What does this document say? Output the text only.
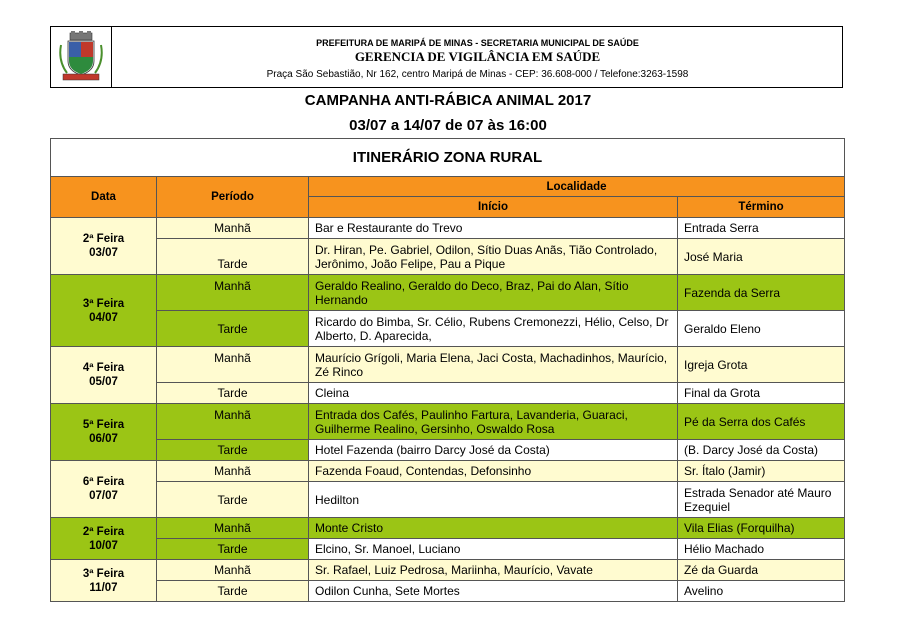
PREFEITURA DE MARIPÁ DE MINAS - SECRETARIA MUNICIPAL DE SAÚDE
GERENCIA DE VIGILÂNCIA EM SAÚDE
Praça São Sebastião, Nr 162, centro Maripá de Minas - CEP: 36.608-000 / Telefone:3263-1598
CAMPANHA ANTI-RÁBICA ANIMAL 2017
03/07 a 14/07 de 07 às 16:00
ITINERÁRIO ZONA RURAL			
Data	Período	Localidade	
		Início	Término
2ª Feira
03/07	Manhã	Bar e Restaurante do Trevo	Entrada Serra
	Tarde	Dr. Hiran, Pe. Gabriel, Odilon, Sítio Duas Anãs, Tião Controlado, Jerônimo, João Felipe, Pau a Pique	José Maria
3ª Feira
04/07	Manhã	Geraldo Realino, Geraldo do Deco, Braz, Pai do Alan, Sítio Hernando	Fazenda da Serra
	Tarde	Ricardo do Bimba, Sr. Célio, Rubens Cremonezzi, Hélio, Celso, Dr Alberto, D. Aparecida,	Geraldo Eleno
4ª Feira
05/07	Manhã	Maurício Grígoli, Maria Elena, Jaci Costa, Machadinhos, Maurício, Zé Rinco	Igreja Grota
	Tarde	Cleina	Final da Grota
5ª Feira
06/07	Manhã	Entrada dos Cafés, Paulinho Fartura, Lavanderia, Guaraci, Guilherme Realino, Gersinho, Oswaldo Rosa	Pé da Serra dos Cafés
	Tarde	Hotel Fazenda (bairro Darcy José da Costa)	(B. Darcy José da Costa)
6ª Feira
07/07	Manhã	Fazenda Foaud, Contendas, Defonsinho	Sr. Ítalo (Jamir)
	Tarde	Hedilton	Estrada Senador até Mauro Ezequiel
2ª Feira
10/07	Manhã	Monte Cristo	Vila Elias (Forquilha)
	Tarde	Elcino, Sr. Manoel, Luciano	Hélio Machado
3ª Feira
11/07	Manhã	Sr. Rafael, Luiz Pedrosa, Mariinha, Maurício, Vavate	Zé da Guarda
	Tarde	Odilon Cunha, Sete Mortes	Avelino
